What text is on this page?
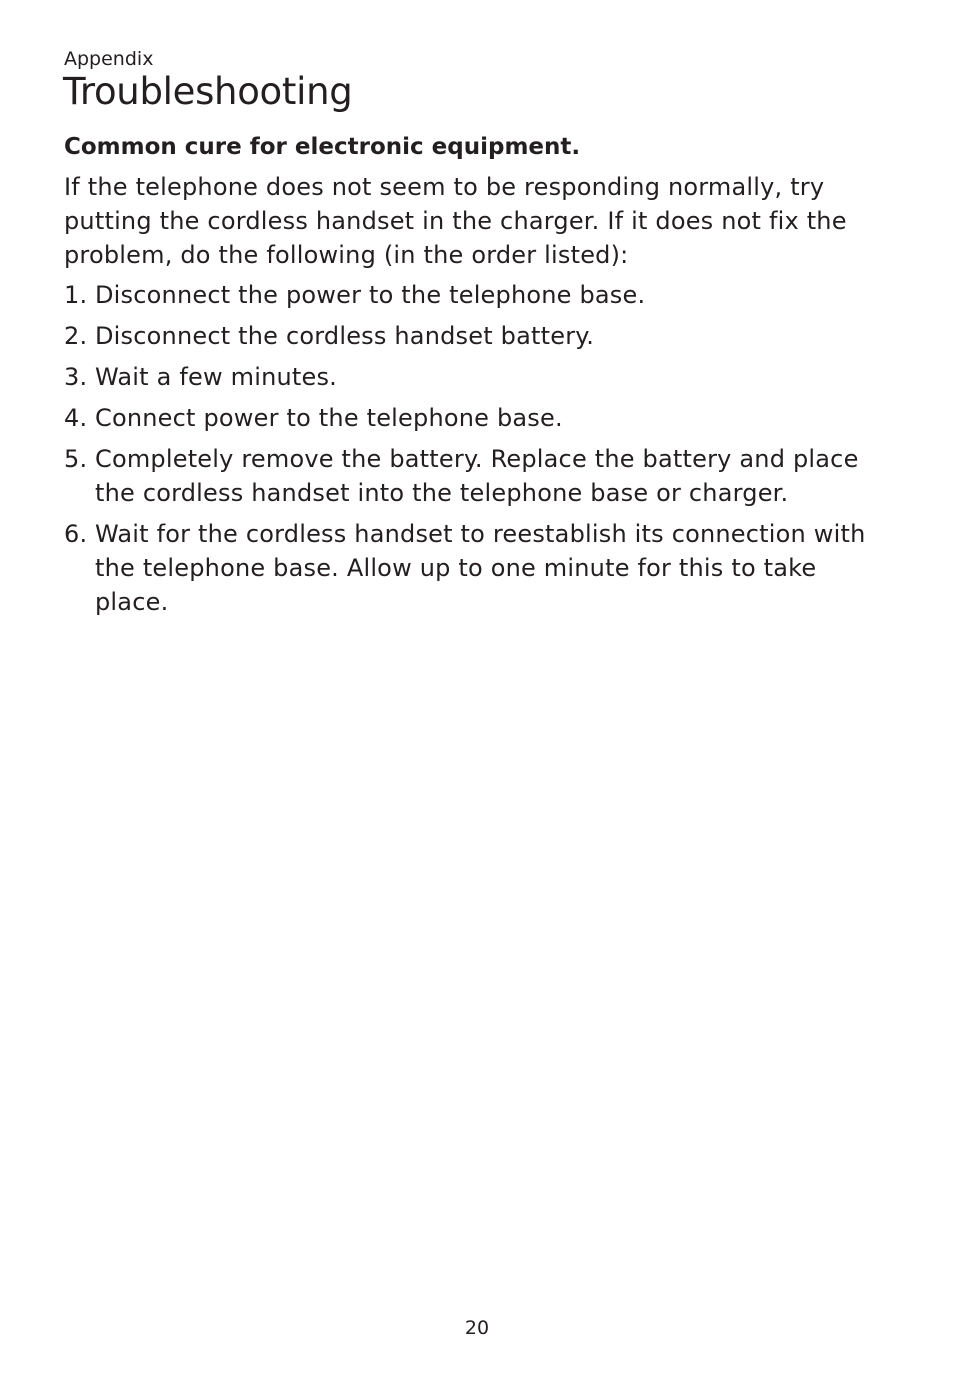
Appendix

Troubleshooting

Common cure for electronic equipment.

If the telephone does not seem to be responding normally, try putting the cordless handset in the charger. If it does not fix the problem, do the following (in the order listed):

1. Disconnect the power to the telephone base.
2. Disconnect the cordless handset battery.
3. Wait a few minutes.
4. Connect power to the telephone base.
5. Completely remove the battery. Replace the battery and place the cordless handset into the telephone base or charger.
6. Wait for the cordless handset to reestablish its connection with the telephone base. Allow up to one minute for this to take place.
20
